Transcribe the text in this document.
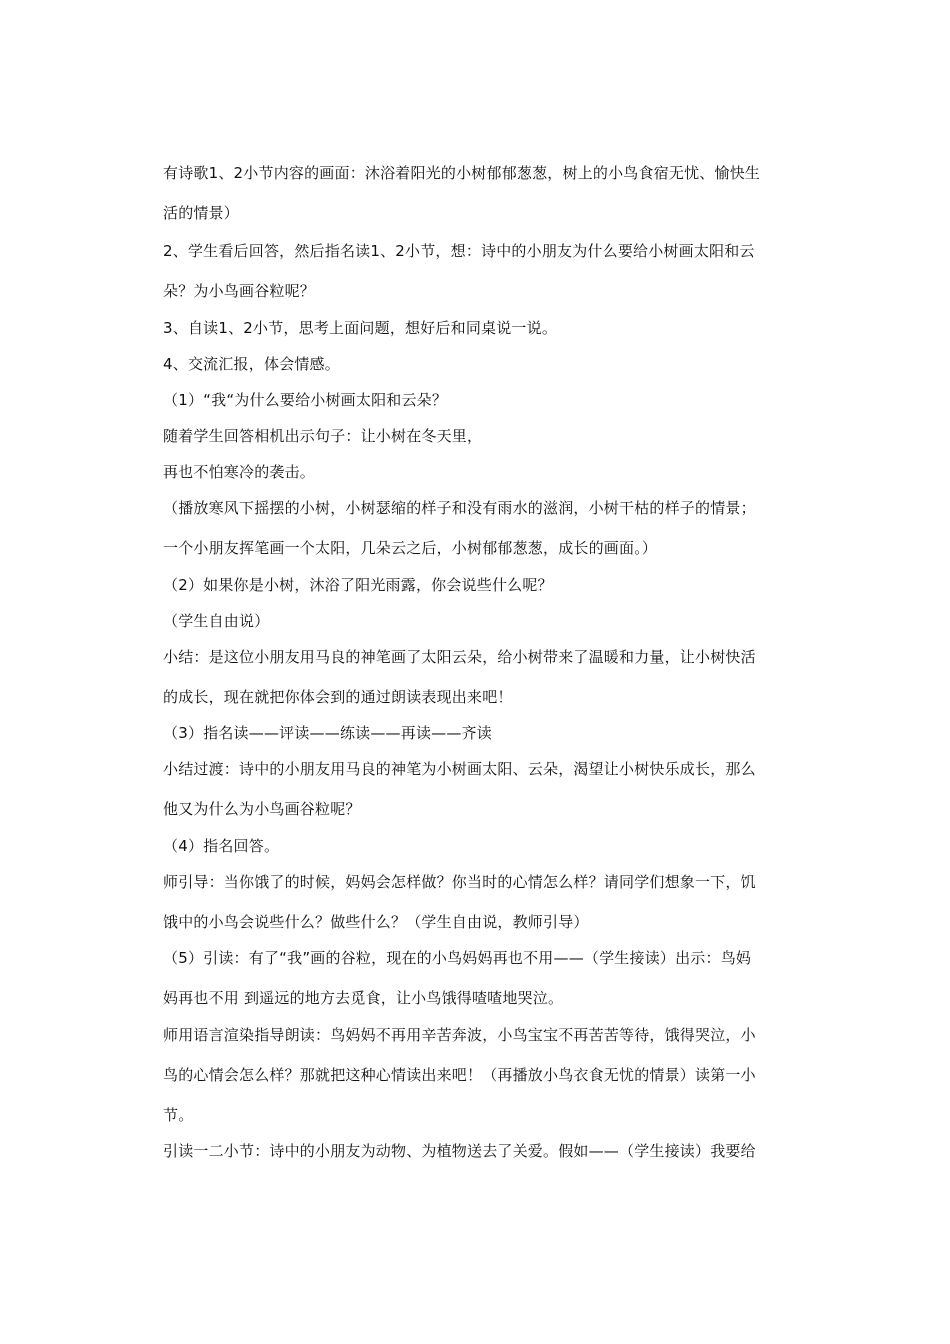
有诗歌1、2小节内容的画面：沐浴着阳光的小树郁郁葱葱，树上的小鸟食宿无忧、愉快生
活的情景）
2、学生看后回答，然后指名读1、2小节，想：诗中的小朋友为什么要给小树画太阳和云
朵？为小鸟画谷粒呢？
3、自读1、2小节，思考上面问题，想好后和同桌说一说。
4、交流汇报，体会情感。
（1）“我“为什么要给小树画太阳和云朵？
随着学生回答相机出示句子：让小树在冬天里，
再也不怕寒冷的袭击。
（播放寒风下摇摆的小树，小树瑟缩的样子和没有雨水的滋润，小树干枯的样子的情景；
一个小朋友挥笔画一个太阳，几朵云之后，小树郁郁葱葱，成长的画面。）
（2）如果你是小树，沐浴了阳光雨露，你会说些什么呢？
（学生自由说）
小结：是这位小朋友用马良的神笔画了太阳云朵，给小树带来了温暖和力量，让小树快活
的成长，现在就把你体会到的通过朗读表现出来吧！
（3）指名读——评读——练读——再读——齐读
小结过渡：诗中的小朋友用马良的神笔为小树画太阳、云朵，渴望让小树快乐成长，那么
他又为什么为小鸟画谷粒呢？
（4）指名回答。
师引导：当你饿了的时候，妈妈会怎样做？你当时的心情怎么样？请同学们想象一下，饥
饿中的小鸟会说些什么？做些什么？（学生自由说，教师引导）
（5）引读：有了“我”画的谷粒，现在的小鸟妈妈再也不用——（学生接读）出示：鸟妈
妈再也不用 到遥远的地方去觅食，让小鸟饿得喳喳地哭泣。
师用语言渲染指导朗读：鸟妈妈不再用辛苦奔波，小鸟宝宝不再苦苦等待，饿得哭泣，小
鸟的心情会怎么样？那就把这种心情读出来吧！（再播放小鸟衣食无忧的情景）读第一小
节。
引读一二小节：诗中的小朋友为动物、为植物送去了关爱。假如——（学生接读）我要给
